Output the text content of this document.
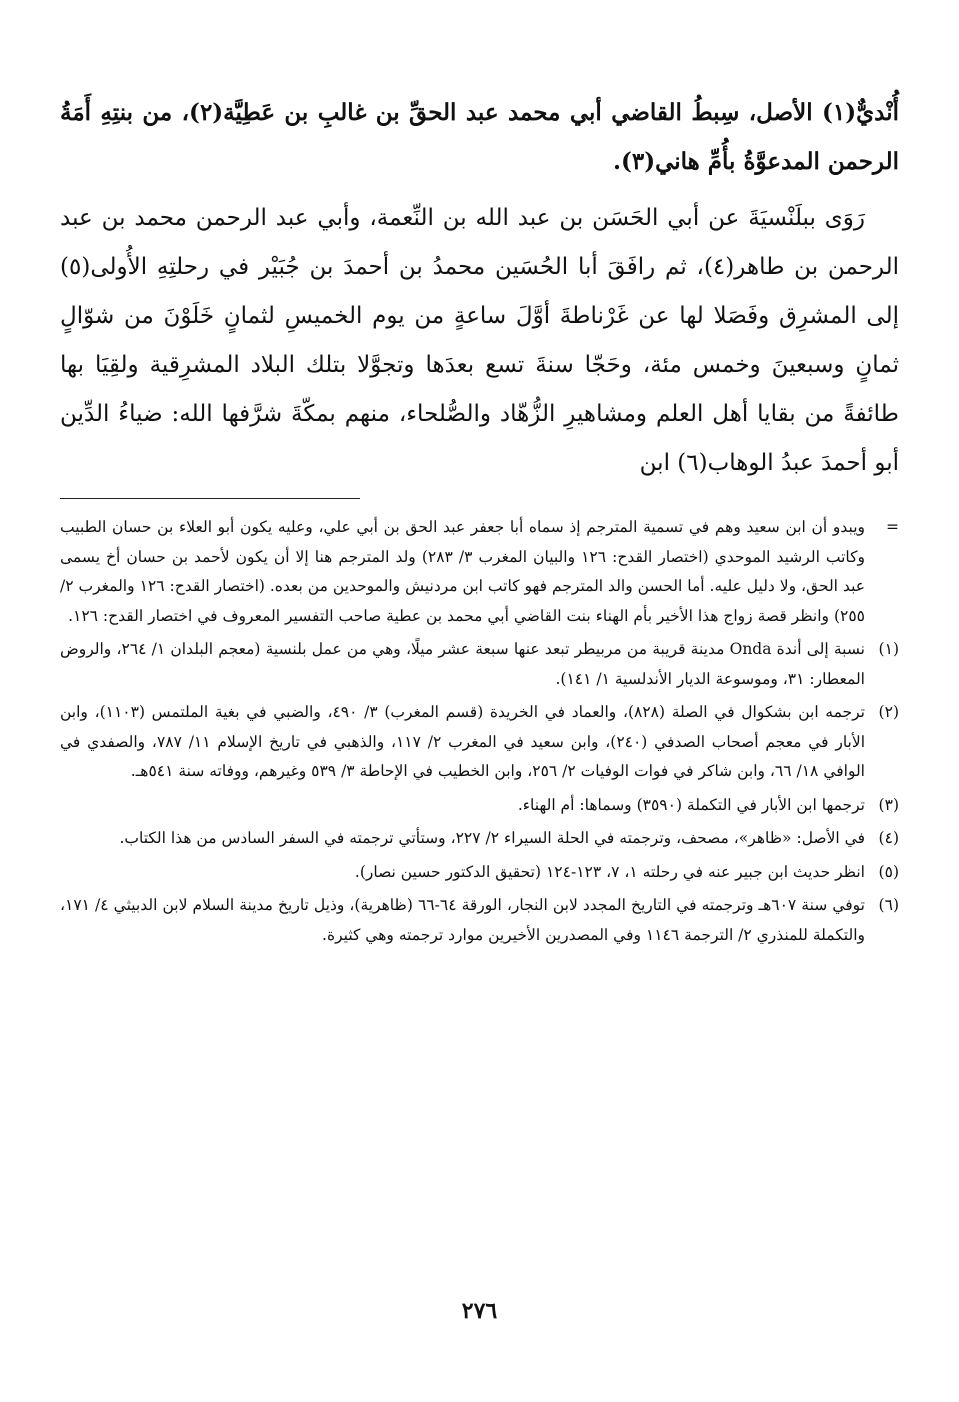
أُنْديٌّ(١) الأصل، سِبطُ القاضي أبي محمد عبد الحقِّ بن غالبِ بن عَطِيَّة(٢)، من بنتِهِ أَمَةُ الرحمن المدعوَّةُ بأُمِّ هاني(٣).

رَوَى ببلَنْسيَةَ عن أبي الحَسَن بن عبد الله بن النِّعمة، وأبي عبد الرحمن محمد بن عبد الرحمن بن طاهر(٤)، ثم رافَقَ أبا الحُسَين محمدُ بن أحمدَ بن جُبَيْر في رحلتِهِ الأُولى(٥) إلى المشرِق وفَصَلا لها عن غَرْناطةَ أوَّلَ ساعةٍ من يوم الخميسِ لثمانٍ خَلَوْنَ من شوّالٍ ثمانٍ وسبعينَ وخمس مئة، وحَجّا سنةَ تسع بعدَها وتجوَّلا بتلك البلاد المشرِقية ولقِيَا بها طائفةً من بقايا أهل العلم ومشاهيرِ الزُّهّاد والصُّلحاء، منهم بمكّةَ شرَّفها الله: ضياءُ الدِّين أبو أحمدَ عبدُ الوهاب(٦) ابن

=
ويبدو أن ابن سعيد وهم في تسمية المترجم إذ سماه أبا جعفر عبد الحق بن أبي علي، وعليه يكون أبو العلاء بن حسان الطبيب وكاتب الرشيد الموحدي (اختصار القدح: ١٢٦ والبيان المغرب ٣/ ٢٨٣) ولد المترجم هنا إلا أن يكون لأحمد بن حسان أخ يسمى عبد الحق، ولا دليل عليه. أما الحسن والد المترجم فهو كاتب ابن مردنيش والموحدين من بعده. (اختصار القدح: ١٢٦ والمغرب ٢/ ٢٥٥) وانظر قصة زواج هذا الأخير بأم الهناء بنت القاضي أبي محمد بن عطية صاحب التفسير المعروف في اختصار القدح: ١٢٦.
(١)
نسبة إلى أندة Onda مدينة قريبة من مربيطر تبعد عنها سبعة عشر ميلًا، وهي من عمل بلنسية (معجم البلدان ١/ ٢٦٤، والروض المعطار: ٣١، وموسوعة الديار الأندلسية ١/ ١٤١).
(٢)
ترجمه ابن بشكوال في الصلة (٨٢٨)، والعماد في الخريدة (قسم المغرب) ٣/ ٤٩٠، والضبي في بغية الملتمس (١١٠٣)، وابن الأبار في معجم أصحاب الصدفي (٢٤٠)، وابن سعيد في المغرب ٢/ ١١٧، والذهبي في تاريخ الإسلام ١١/ ٧٨٧، والصفدي في الوافي ١٨/ ٦٦، وابن شاكر في فوات الوفيات ٢/ ٢٥٦، وابن الخطيب في الإحاطة ٣/ ٥٣٩ وغيرهم، ووفاته سنة ٥٤١هـ.
(٣)
ترجمها ابن الأبار في التكملة (٣٥٩٠) وسماها: أم الهناء.
(٤)
في الأصل: «ظاهر»، مصحف، وترجمته في الحلة السيراء ٢/ ٢٢٧، وستأتي ترجمته في السفر السادس من هذا الكتاب.
(٥)
انظر حديث ابن جبير عنه في رحلته ١، ٧، ١٢٣-١٢٤ (تحقيق الدكتور حسين نصار).
(٦)
توفي سنة ٦٠٧هـ وترجمته في التاريخ المجدد لابن النجار، الورقة ٦٤-٦٦ (ظاهرية)، وذيل تاريخ مدينة السلام لابن الدبيثي ٤/ ١٧١، والتكملة للمنذري ٢/ الترجمة ١١٤٦ وفي المصدرين الأخيرين موارد ترجمته وهي كثيرة.
٢٧٦
